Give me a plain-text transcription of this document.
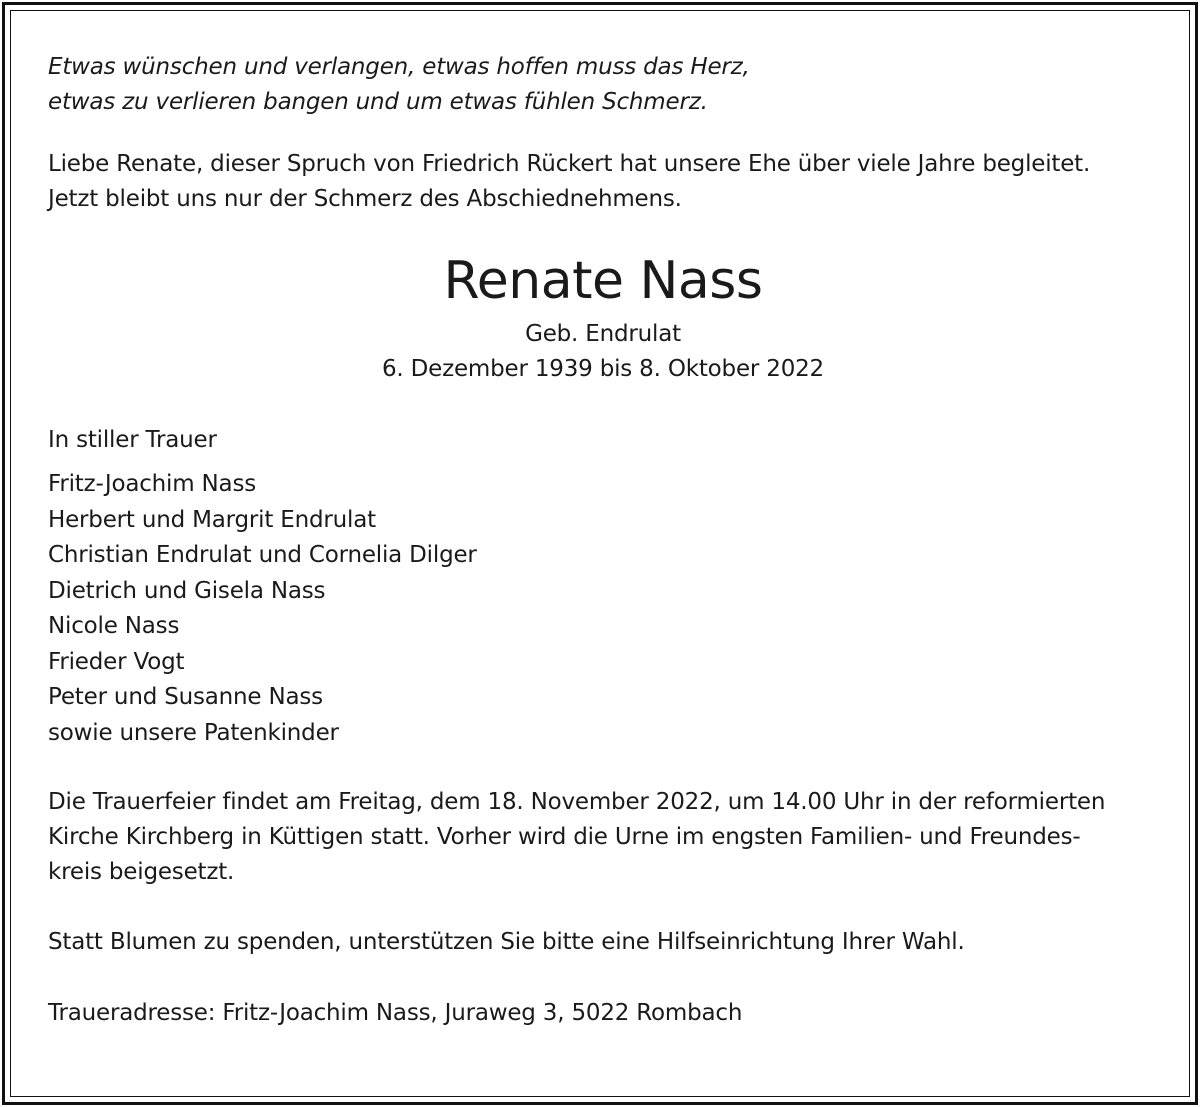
Etwas wünschen und verlangen, etwas hoffen muss das Herz,
etwas zu verlieren bangen und um etwas fühlen Schmerz.
Liebe Renate, dieser Spruch von Friedrich Rückert hat unsere Ehe über viele Jahre begleitet.
Jetzt bleibt uns nur der Schmerz des Abschiednehmens.
Renate Nass
Geb. Endrulat
6. Dezember 1939 bis 8. Oktober 2022
In stiller Trauer
Fritz-Joachim Nass
Herbert und Margrit Endrulat
Christian Endrulat und Cornelia Dilger
Dietrich und Gisela Nass
Nicole Nass
Frieder Vogt
Peter und Susanne Nass
sowie unsere Patenkinder
Die Trauerfeier findet am Freitag, dem 18. November 2022, um 14.00 Uhr in der reformierten
Kirche Kirchberg in Küttigen statt. Vorher wird die Urne im engsten Familien- und Freundes-
kreis beigesetzt.
Statt Blumen zu spenden, unterstützen Sie bitte eine Hilfseinrichtung Ihrer Wahl.
Traueradresse: Fritz-Joachim Nass, Juraweg 3, 5022 Rombach
